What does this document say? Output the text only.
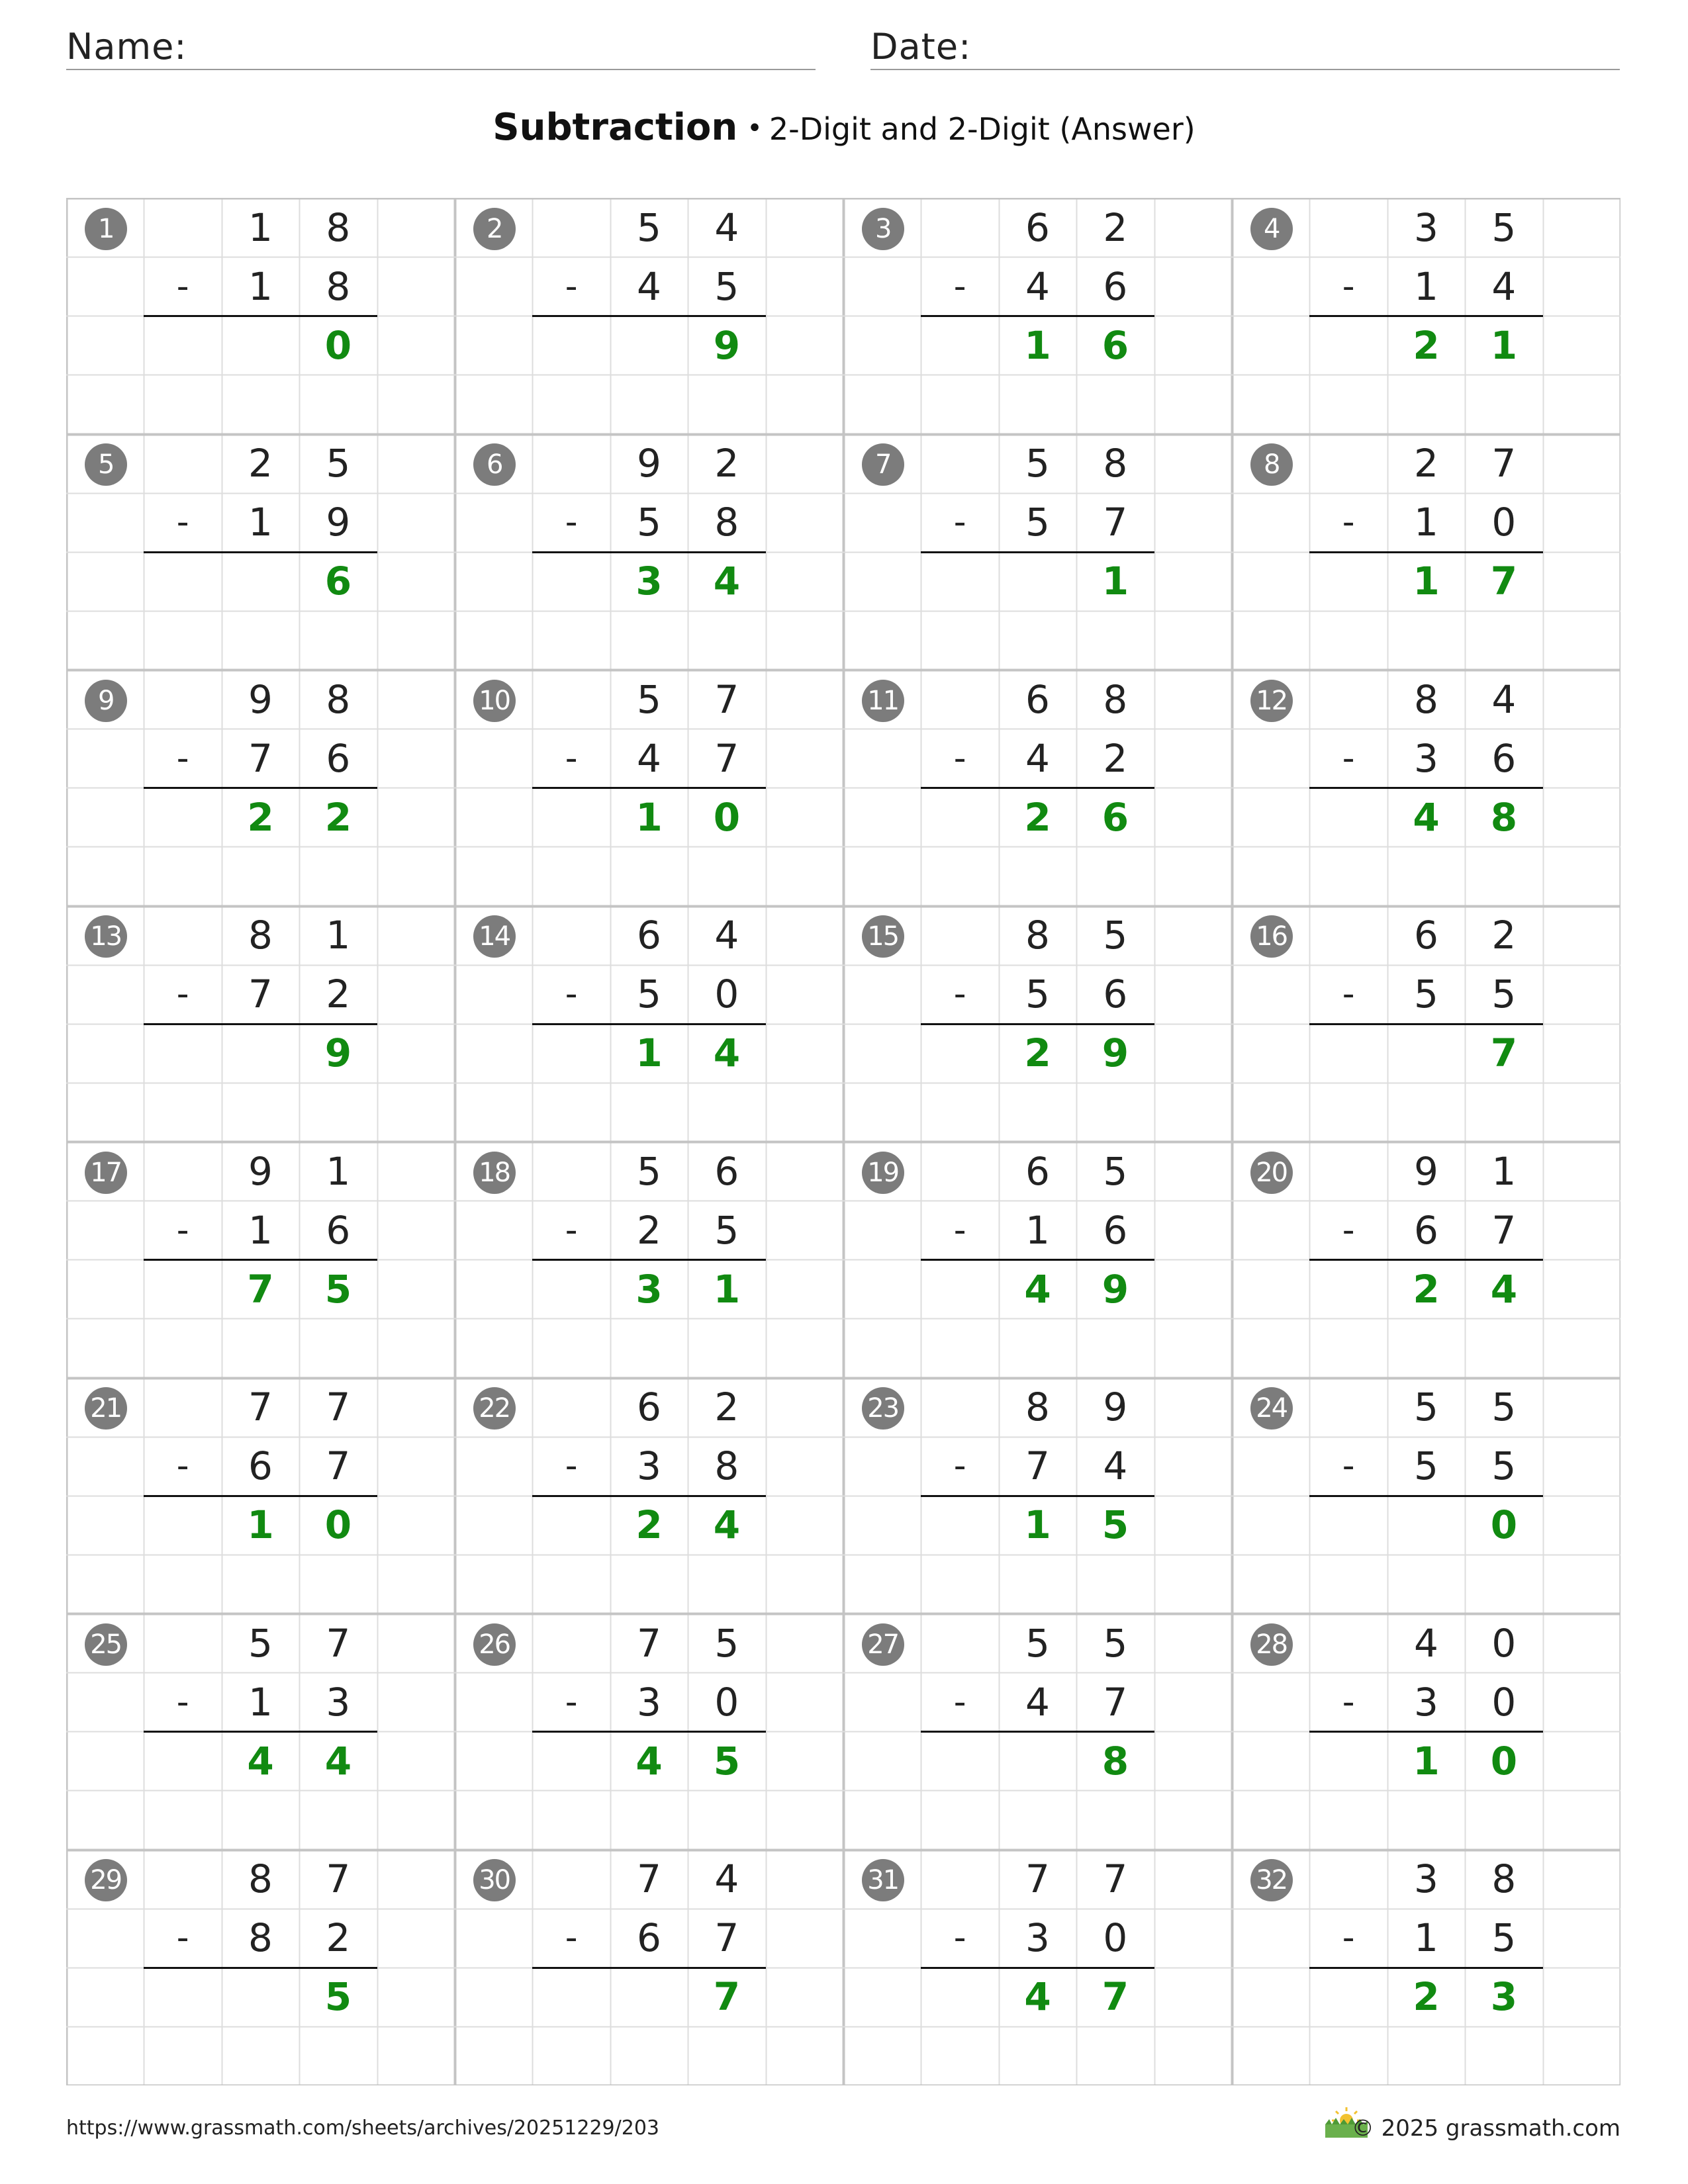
Name:	Date:
Subtraction • 2-Digit and 2-Digit (Answer)
1	1	8
-	1	8
0
2	5	4
-	4	5
9
3	6	2
-	4	6
1	6
4	3	5
-	1	4
2	1
5	2	5
-	1	9
6
6	9	2
-	5	8
3	4
7	5	8
-	5	7
1
8	2	7
-	1	0
1	7
9	9	8
-	7	6
2	2
10	5	7
-	4	7
1	0
11	6	8
-	4	2
2	6
12	8	4
-	3	6
4	8
13	8	1
-	7	2
9
14	6	4
-	5	0
1	4
15	8	5
-	5	6
2	9
16	6	2
-	5	5
7
17	9	1
-	1	6
7	5
18	5	6
-	2	5
3	1
19	6	5
-	1	6
4	9
20	9	1
-	6	7
2	4
21	7	7
-	6	7
1	0
22	6	2
-	3	8
2	4
23	8	9
-	7	4
1	5
24	5	5
-	5	5
0
25	5	7
-	1	3
4	4
26	7	5
-	3	0
4	5
27	5	5
-	4	7
8
28	4	0
-	3	0
1	0
29	8	7
-	8	2
5
30	7	4
-	6	7
7
31	7	7
-	3	0
4	7
32	3	8
-	1	5
2	3
https://www.grassmath.com/sheets/archives/20251229/203	© 2025 grassmath.com
